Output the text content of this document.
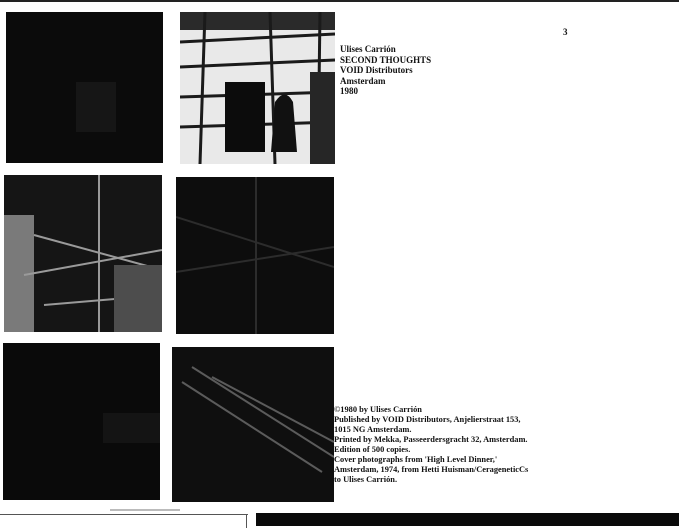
3
Ulises Carrión
SECOND THOUGHTS
VOID Distributors
Amsterdam
1980
©1980 by Ulises Carrión
Published by VOID Distributors, Anjelierstraat 153,
1015 NG Amsterdam.
Printed by Mekka, Passeerdersgracht 32, Amsterdam.
Edition of 500 copies.
Cover photographs from 'High Level Dinner,'
Amsterdam, 1974, from Hetti Huisman/CerageneticCs
to Ulises Carrión.
